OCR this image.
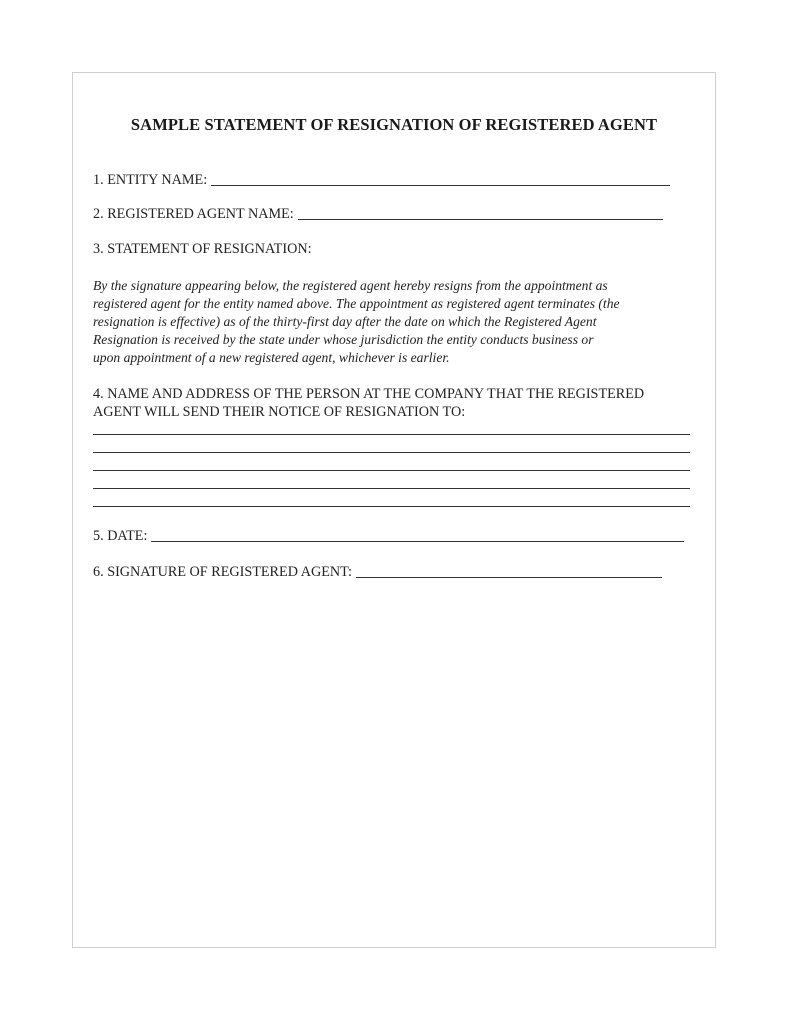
SAMPLE STATEMENT OF RESIGNATION OF REGISTERED AGENT
1. ENTITY NAME:
2. REGISTERED AGENT NAME:
3. STATEMENT OF RESIGNATION:
By the signature appearing below, the registered agent hereby resigns from the appointment as
registered agent for the entity named above. The appointment as registered agent terminates (the
resignation is effective) as of the thirty-first day after the date on which the Registered Agent
Resignation is received by the state under whose jurisdiction the entity conducts business or
upon appointment of a new registered agent, whichever is earlier.
4. NAME AND ADDRESS OF THE PERSON AT THE COMPANY THAT THE REGISTERED
AGENT WILL SEND THEIR NOTICE OF RESIGNATION TO:
5. DATE:
6. SIGNATURE OF REGISTERED AGENT:
